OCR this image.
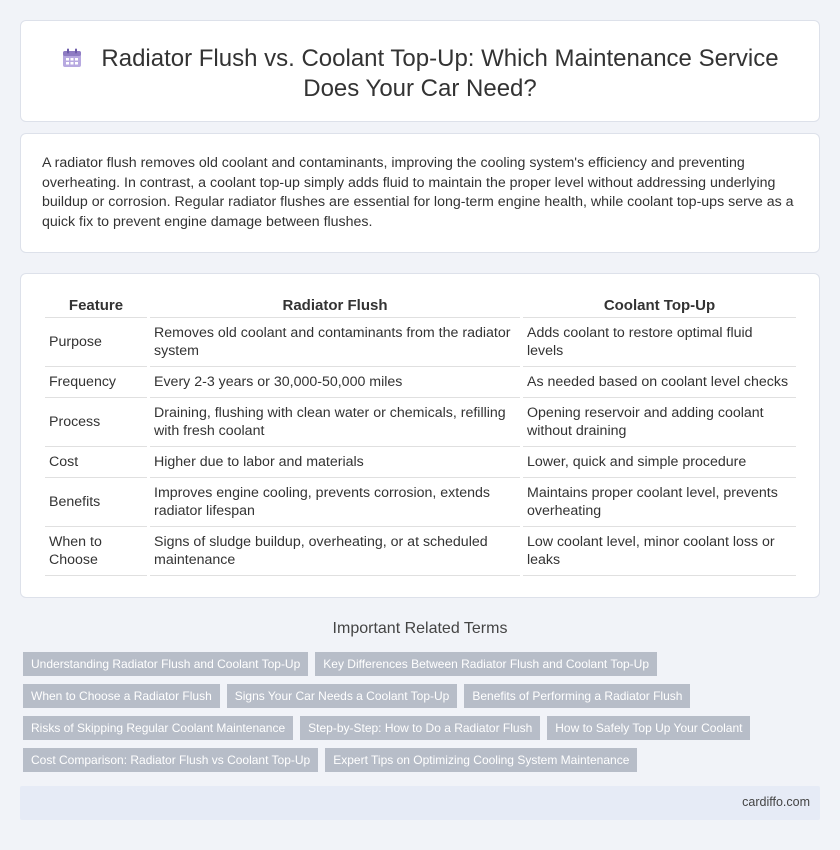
Radiator Flush vs. Coolant Top-Up: Which Maintenance Service
Does Your Car Need?

A radiator flush removes old coolant and contaminants, improving the cooling system's efficiency and preventing overheating. In contrast, a coolant top-up simply adds fluid to maintain the proper level without addressing underlying buildup or corrosion. Regular radiator flushes are essential for long-term engine health, while coolant top-ups serve as a quick fix to prevent engine damage between flushes.

Feature	Radiator Flush	Coolant Top-Up
Purpose	Removes old coolant and contaminants from the radiator system	Adds coolant to restore optimal fluid levels
Frequency	Every 2-3 years or 30,000-50,000 miles	As needed based on coolant level checks
Process	Draining, flushing with clean water or chemicals, refilling with fresh coolant	Opening reservoir and adding coolant without draining
Cost	Higher due to labor and materials	Lower, quick and simple procedure
Benefits	Improves engine cooling, prevents corrosion, extends radiator lifespan	Maintains proper coolant level, prevents overheating
When to Choose	Signs of sludge buildup, overheating, or at scheduled maintenance	Low coolant level, minor coolant loss or leaks
Important Related Terms
Understanding Radiator Flush and Coolant Top-Up	Key Differences Between Radiator Flush and Coolant Top-Up
When to Choose a Radiator Flush	Signs Your Car Needs a Coolant Top-Up	Benefits of Performing a Radiator Flush
Risks of Skipping Regular Coolant Maintenance	Step-by-Step: How to Do a Radiator Flush	How to Safely Top Up Your Coolant
Cost Comparison: Radiator Flush vs Coolant Top-Up	Expert Tips on Optimizing Cooling System Maintenance
cardiffo.com
